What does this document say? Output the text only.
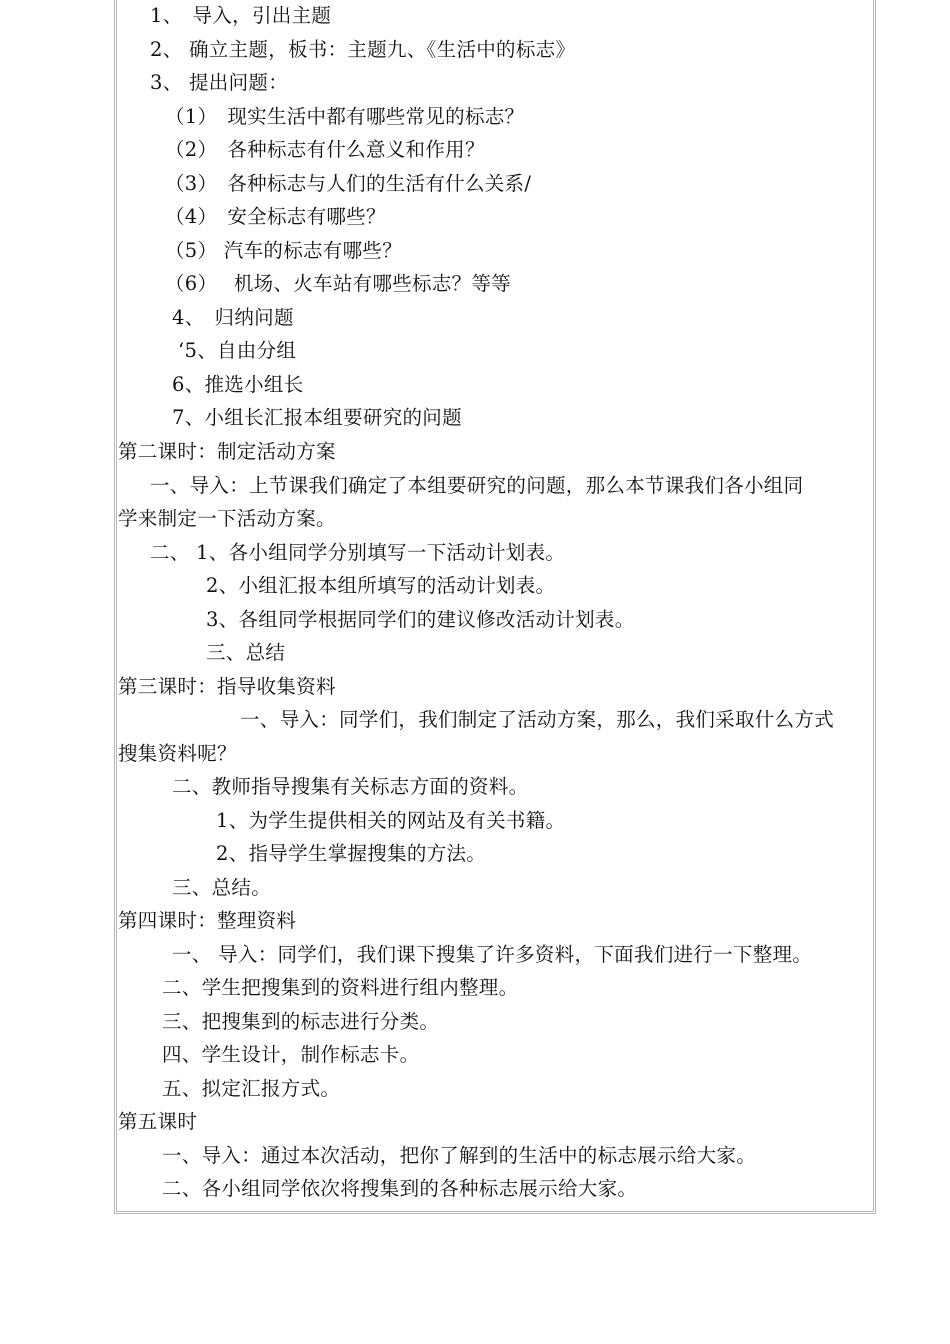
1、　导入，引出主题
2、 确立主题，板书：主题九、《生活中的标志》
3、 提出问题：
（1）　现实生活中都有哪些常见的标志？
（2）　各种标志有什么意义和作用？
（3）　各种标志与人们的生活有什么关系/
（4）　安全标志有哪些？
（5） 汽车的标志有哪些？
（6）　 机场、火车站有哪些标志？等等
4、　归纳问题
‘5、自由分组
6、推选小组长
7、小组长汇报本组要研究的问题
第二课时：制定活动方案
一、导入：上节课我们确定了本组要研究的问题，那么本节课我们各小组同
学来制定一下活动方案。
二、 1、各小组同学分别填写一下活动计划表。
2、小组汇报本组所填写的活动计划表。
3、各组同学根据同学们的建议修改活动计划表。
三、总结
第三课时：指导收集资料
一、导入：同学们，我们制定了活动方案，那么，我们采取什么方式
搜集资料呢？
二、教师指导搜集有关标志方面的资料。
1、为学生提供相关的网站及有关书籍。
2、指导学生掌握搜集的方法。
三、总结。
第四课时：整理资料
一、 导入：同学们，我们课下搜集了许多资料，下面我们进行一下整理。
二、学生把搜集到的资料进行组内整理。
三、把搜集到的标志进行分类。
四、学生设计，制作标志卡。
五、拟定汇报方式。
第五课时
一、导入：通过本次活动，把你了解到的生活中的标志展示给大家。
二、各小组同学依次将搜集到的各种标志展示给大家。
